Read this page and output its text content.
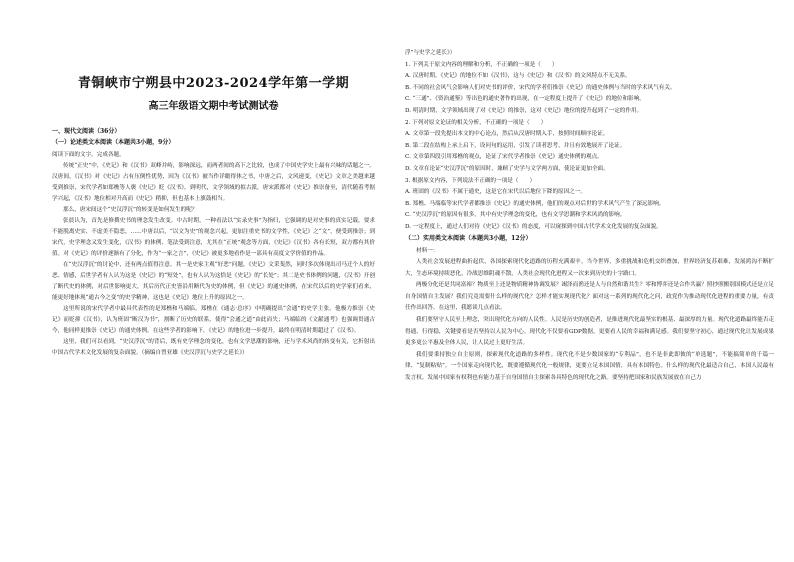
青铜峡市宁朔县中2023-2024学年第一学期
高三年级语文期中考试测试卷
一、现代文阅读（36分）
（一）论述类文本阅读（本题共3小题，9分）

阅读下面的文字，完成各题。

传统“正史”中，《史记》和《汉书》双峰并峙，影响深远，而两者间的高下之比较，也成了中国史学史上最有兴味的话题之一。汉唐间，《汉书》对《史记》占有压倒性优势，因为《汉书》被当作详瞻得体之书，中唐之后，文风递变，《史记》文章之美越来越受到推崇，宋代学者如郑樵等人褒《史记》贬《汉书》。到明代，文学领域的拟古派，唐宋派都对《史记》推崇备至，清代随着考据学兴起，《汉书》地位相对升高而《史记》稍抑，但也基本上旗鼓相当。

那么，唐宋间这个“史汉浮沉”的转变是如何发生的呢？

张晨认为，首先是修撰史书的理念发生改变。中古时期，一种看法以“实录史事”为指归，它强调的是对史事的真实记载，要求不能脱离史实、不虚美不隐恶，……中唐以后，“以文为史”的观念兴起，更加注重史书的文学性，《史记》之“文”，便受到推崇；到宋代，史学理念又发生变化，《汉书》的体例、笔法受到注意，尤其在“正统”观念等方面，《史记》《汉书》各有长短，双方都有其价值。对《史记》的评价逐渐有了分化，作为“一家之言”，《史记》被更多地看作是一部具有高度文学价值的作品。

在“史汉浮沉”的讨论中，还有两点值得注意。其一是史家主观“好恶”问题，《史记》文采斐然，同时多次体现出司马迁个人的好恶、情感，后世学者有人认为这是《史记》的“短处”，也有人认为这恰是《史记》的“长处”；其二是史书体例的问题，《汉书》开创了断代史的体例，对后世影响更大，其后历代正史皆沿用断代为史的体例，但《史记》的通史体例，在宋代以后的史学家们看来，能更好地体现“通古今之变”的史学精神，这也是《史记》地位上升的原因之一。

这里所说的宋代学者中最具代表性的是郑樵和马端临。郑樵在《通志·总序》中明确提出“会通”的史学主张，他极力推崇《史记》而贬抑《汉书》，认为班固“断汉为书”，割断了历史的联系，使得“会通之道”由此而失；马端临的《文献通考》也强调贯通古今，他同样更推崇《史记》的通史体例。在这些学者的影响下，《史记》的地位进一步提升，最终在明清时期超过了《汉书》。

这里，我们可以看到，“史汉浮沉”的背后，既有史学理念的变化，也有文学思潮的影响，还与学术风尚的转变有关，它折射出中国古代学术文化发展的复杂面貌。（摘编自曾亚雄《史汉浮沉与史学之延长》）

浮”与史学之延长》）

1. 下列关于原文内容的理解和分析，不正确的一项是（　　）

A. 汉唐时期，《史记》的地位不如《汉书》，这与《史记》和《汉书》的文风特点不无关系。

B. 不同的社会风气会影响人们对史书的评价，宋代的学者们推崇《史记》的通史体例与当时的学术风气有关。

C. “三通”、《资治通鉴》等出色的通史著作的出现，在一定程度上提升了《史记》的地位和影响。

D. 明清时期，文学领域出现了对《史记》的推崇，这对《史记》地位的提升起到了一定的作用。

2. 下列对原文论证的相关分析，不正确的一项是（　　）

A. 文章第一段先提出本文的中心论点，然后从汉唐时期入手，按照时间顺序论证。

B. 第二段在结构上承上启下，设问句的运用，引发了读者思考，并且有效地展开了论证。

C. 文章第四段引用郑樵的观点，论证了宋代学者推崇《史记》通史体例的观点。

D. 文章在论证“史汉浮沉”的原因时，兼顾了史学与文学两方面，使论证更加全面。

3. 根据原文内容，下列说法不正确的一项是（　　）

A. 班固的《汉书》不属于通史，这是它在宋代以后地位下降的原因之一。

B. 郑樵、马端临等宋代学者都推崇《史记》的通史体例，他们的观点对后世的学术风气产生了深远影响。

C. “史汉浮沉”的原因有很多，其中有史学理念的变化，也有文学思潮和学术风尚的影响。

D. 一定程度上，通过人们对待《史记》《汉书》的态度，可以窥探到中国古代学术文化发展的复杂面貌。

（二）实用类文本阅读（本题共3小题，12分）

材料一：

人类社会发展进程曲折起伏，各国探索现代化道路的历程充满艰辛。当今世界，多重挑战和危机交织叠加，世界经济复苏艰难，发展鸿沟不断扩大，生态环境持续恶化。冷战思维阴魂不散，人类社会现代化进程又一次来到历史的十字路口。

两极分化还是共同富裕？物质至上还是物质精神协调发展？竭泽而渔还是人与自然和谐共生？零和博弈还是合作共赢？照抄照搬别国模式还是立足自身国情自主发展？我们究竟需要什么样的现代化？怎样才能实现现代化？面对这一系列的现代化之问，政党作为推动现代化进程的重要力量，有责任作出回答。在这里，我愿谈几点看法。

我们要坚守人民至上理念，突出现代化方向的人民性。人民是历史的创造者，是推进现代化最坚实的根基、最深厚的力量。现代化道路最终能否走得通、行得稳，关键要看是否坚持以人民为中心。现代化不仅要看GDP数据，更要看人民的幸福和满足感。我们要坚守初心，通过现代化让发展成果更多更公平惠及全体人民，让人民过上更好生活。

我们要秉持独立自主原则，探索现代化道路的多样性。现代化不是少数国家的“专利品”，也不是非此即彼的“单选题”，不能搞简单的千篇一律、“复制粘贴”。一个国家走向现代化，既要遵循现代化一般规律，更要立足本国国情，具有本国特色。什么样的现代化最适合自己，本国人民最有发言权。发展中国家有权利也有能力基于自身国情自主探索各具特色的现代化之路。要坚持把国家和民族发展放在自己力
